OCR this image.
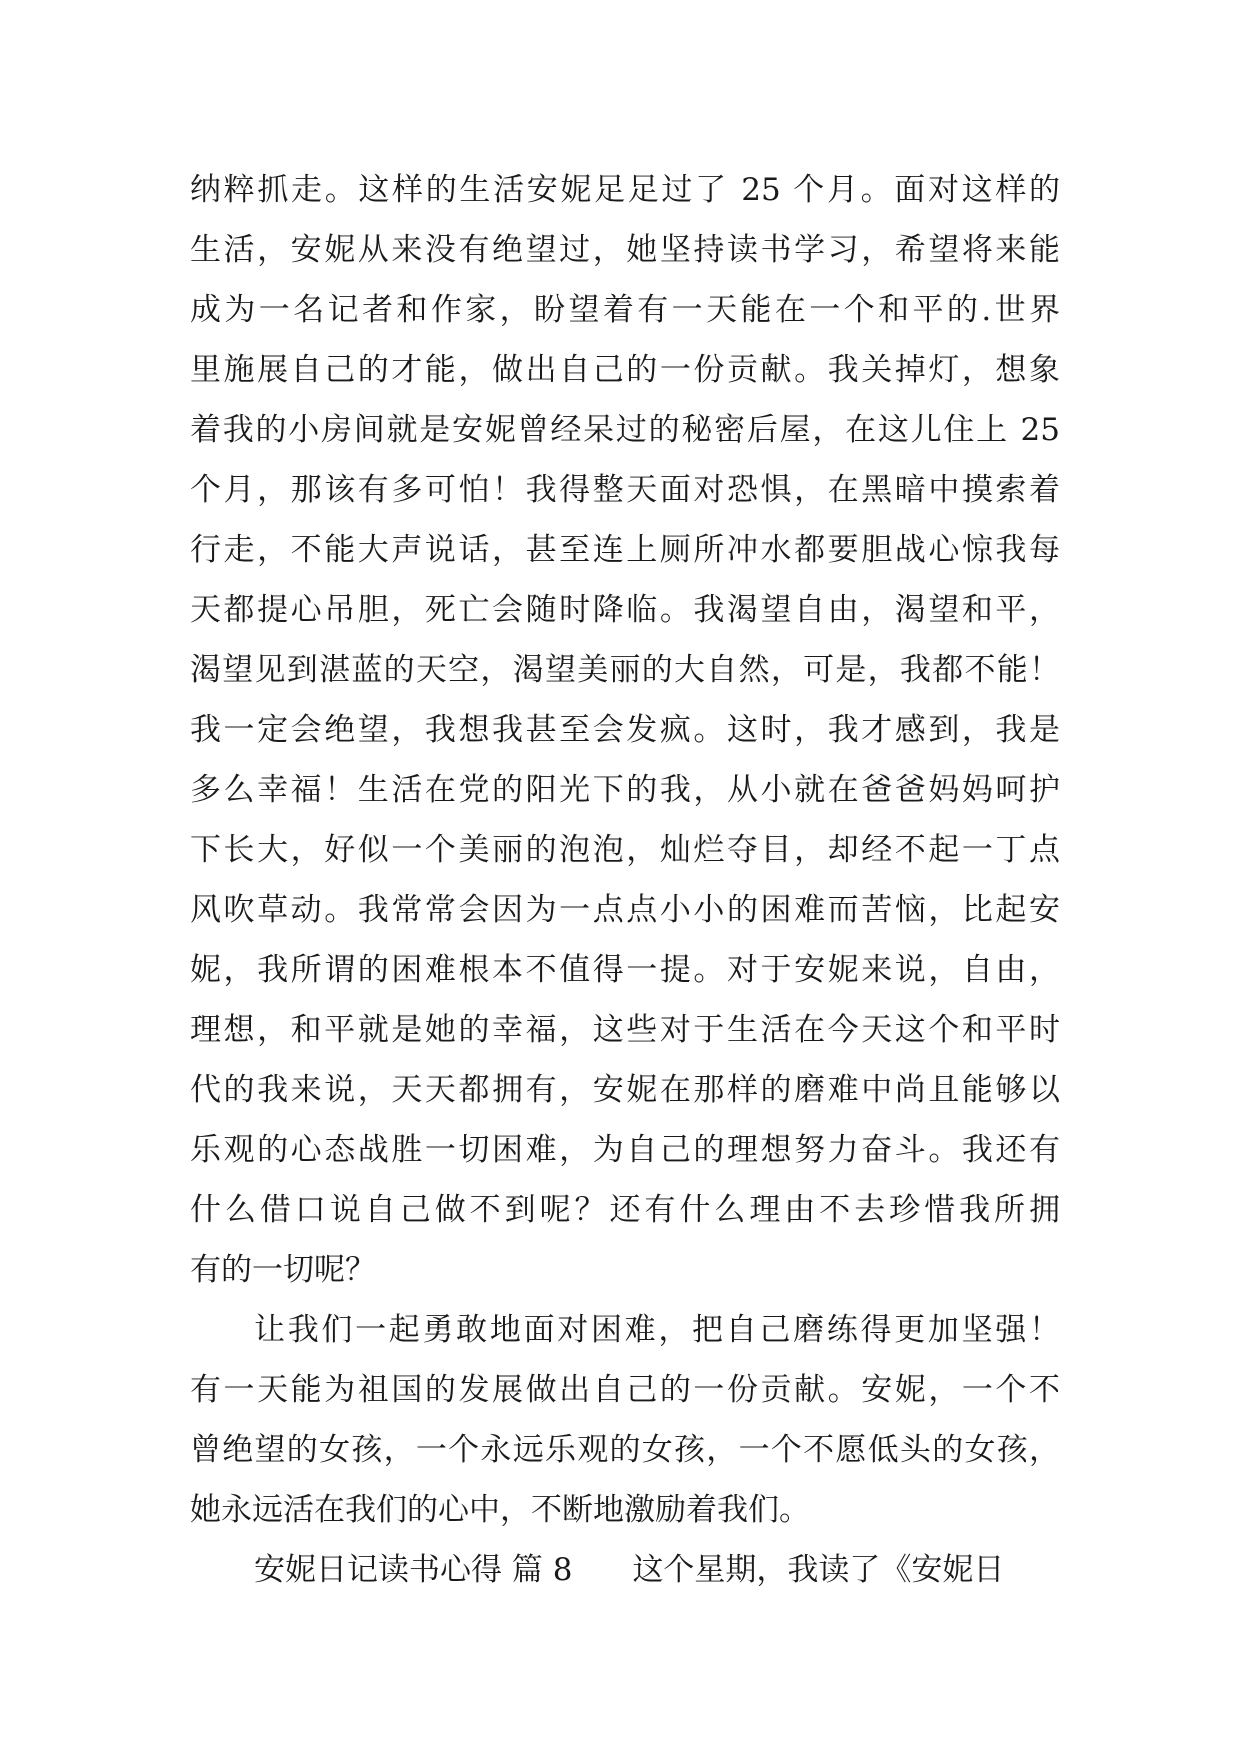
纳粹抓走。这样的生活安妮足足过了 25 个月。面对这样的
生活，安妮从来没有绝望过，她坚持读书学习，希望将来能
成为一名记者和作家，盼望着有一天能在一个和平的.世界
里施展自己的才能，做出自己的一份贡献。我关掉灯，想象
着我的小房间就是安妮曾经呆过的秘密后屋，在这儿住上 25
个月，那该有多可怕！我得整天面对恐惧，在黑暗中摸索着
行走，不能大声说话，甚至连上厕所冲水都要胆战心惊我每
天都提心吊胆，死亡会随时降临。我渴望自由，渴望和平，
渴望见到湛蓝的天空，渴望美丽的大自然，可是，我都不能！
我一定会绝望，我想我甚至会发疯。这时，我才感到，我是
多么幸福！生活在党的阳光下的我，从小就在爸爸妈妈呵护
下长大，好似一个美丽的泡泡，灿烂夺目，却经不起一丁点
风吹草动。我常常会因为一点点小小的困难而苦恼，比起安
妮，我所谓的困难根本不值得一提。对于安妮来说，自由，
理想，和平就是她的幸福，这些对于生活在今天这个和平时
代的我来说，天天都拥有，安妮在那样的磨难中尚且能够以
乐观的心态战胜一切困难，为自己的理想努力奋斗。我还有
什么借口说自己做不到呢？还有什么理由不去珍惜我所拥
有的一切呢？
让我们一起勇敢地面对困难，把自己磨练得更加坚强！
有一天能为祖国的发展做出自己的一份贡献。安妮，一个不
曾绝望的女孩，一个永远乐观的女孩，一个不愿低头的女孩，
她永远活在我们的心中，不断地激励着我们。
安妮日记读书心得 篇 8 这个星期，我读了《安妮日
